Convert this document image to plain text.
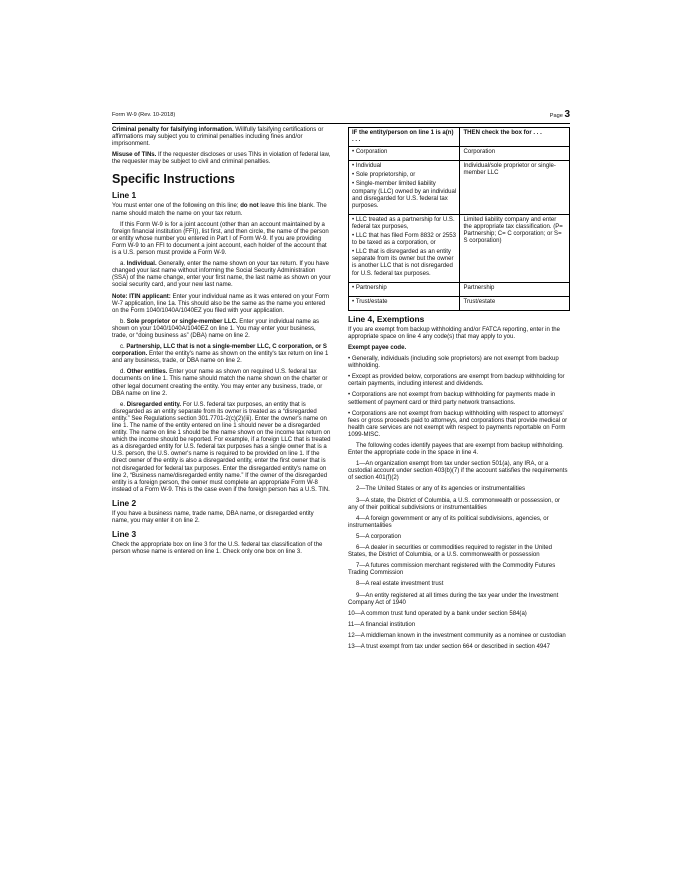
Form W-9 (Rev. 10-2018)	Page 3

Criminal penalty for falsifying information. Willfully falsifying certifications or affirmations may subject you to criminal penalties including fines and/or imprisonment.

Misuse of TINs. If the requester discloses or uses TINs in violation of federal law, the requester may be subject to civil and criminal penalties.

Specific Instructions
Line 1

You must enter one of the following on this line; do not leave this line blank. The name should match the name on your tax return.

If this Form W-9 is for a joint account (other than an account maintained by a foreign financial institution (FFI)), list first, and then circle, the name of the person or entity whose number you entered in Part I of Form W-9. If you are providing Form W-9 to an FFI to document a joint account, each holder of the account that is a U.S. person must provide a Form W-9.

a. Individual. Generally, enter the name shown on your tax return. If you have changed your last name without informing the Social Security Administration (SSA) of the name change, enter your first name, the last name as shown on your social security card, and your new last name.

Note: ITIN applicant: Enter your individual name as it was entered on your Form W-7 application, line 1a. This should also be the same as the name you entered on the Form 1040/1040A/1040EZ you filed with your application.

b. Sole proprietor or single-member LLC. Enter your individual name as shown on your 1040/1040A/1040EZ on line 1. You may enter your business, trade, or “doing business as” (DBA) name on line 2.

c. Partnership, LLC that is not a single-member LLC, C corporation, or S corporation. Enter the entity's name as shown on the entity's tax return on line 1 and any business, trade, or DBA name on line 2.

d. Other entities. Enter your name as shown on required U.S. federal tax documents on line 1. This name should match the name shown on the charter or other legal document creating the entity. You may enter any business, trade, or DBA name on line 2.

e. Disregarded entity. For U.S. federal tax purposes, an entity that is disregarded as an entity separate from its owner is treated as a “disregarded entity.” See Regulations section 301.7701-2(c)(2)(iii). Enter the owner's name on line 1. The name of the entity entered on line 1 should never be a disregarded entity. The name on line 1 should be the name shown on the income tax return on which the income should be reported. For example, if a foreign LLC that is treated as a disregarded entity for U.S. federal tax purposes has a single owner that is a U.S. person, the U.S. owner's name is required to be provided on line 1. If the direct owner of the entity is also a disregarded entity, enter the first owner that is not disregarded for federal tax purposes. Enter the disregarded entity's name on line 2, “Business name/disregarded entity name.” If the owner of the disregarded entity is a foreign person, the owner must complete an appropriate Form W-8 instead of a Form W-9. This is the case even if the foreign person has a U.S. TIN.

Line 2

If you have a business name, trade name, DBA name, or disregarded entity name, you may enter it on line 2.

Line 3

Check the appropriate box on line 3 for the U.S. federal tax classification of the person whose name is entered on line 1. Check only one box on line 3.

IF the entity/person on line 1 is a(n) . . .	THEN check the box for . . .

• Corporation	Corporation

• Individual
• Sole proprietorship, or
• Single-member limited liability company (LLC) owned by an individual and disregarded for U.S. federal tax purposes.	Individual/sole proprietor or single-member LLC

• LLC treated as a partnership for U.S. federal tax purposes,
• LLC that has filed Form 8832 or 2553 to be taxed as a corporation, or
• LLC that is disregarded as an entity separate from its owner but the owner is another LLC that is not disregarded for U.S. federal tax purposes.	Limited liability company and enter the appropriate tax classification. (P= Partnership; C= C corporation; or S= S corporation)

• Partnership	Partnership

• Trust/estate	Trust/estate
Line 4, Exemptions

If you are exempt from backup withholding and/or FATCA reporting, enter in the appropriate space on line 4 any code(s) that may apply to you.

Exempt payee code.

• Generally, individuals (including sole proprietors) are not exempt from backup withholding.

• Except as provided below, corporations are exempt from backup withholding for certain payments, including interest and dividends.

• Corporations are not exempt from backup withholding for payments made in settlement of payment card or third party network transactions.

• Corporations are not exempt from backup withholding with respect to attorneys' fees or gross proceeds paid to attorneys, and corporations that provide medical or health care services are not exempt with respect to payments reportable on Form 1099-MISC.

The following codes identify payees that are exempt from backup withholding. Enter the appropriate code in the space in line 4.

1—An organization exempt from tax under section 501(a), any IRA, or a custodial account under section 403(b)(7) if the account satisfies the requirements of section 401(f)(2)

2—The United States or any of its agencies or instrumentalities

3—A state, the District of Columbia, a U.S. commonwealth or possession, or any of their political subdivisions or instrumentalities

4—A foreign government or any of its political subdivisions, agencies, or instrumentalities

5—A corporation

6—A dealer in securities or commodities required to register in the United States, the District of Columbia, or a U.S. commonwealth or possession

7—A futures commission merchant registered with the Commodity Futures Trading Commission

8—A real estate investment trust

9—An entity registered at all times during the tax year under the Investment Company Act of 1940

10—A common trust fund operated by a bank under section 584(a)

11—A financial institution

12—A middleman known in the investment community as a nominee or custodian

13—A trust exempt from tax under section 664 or described in section 4947
